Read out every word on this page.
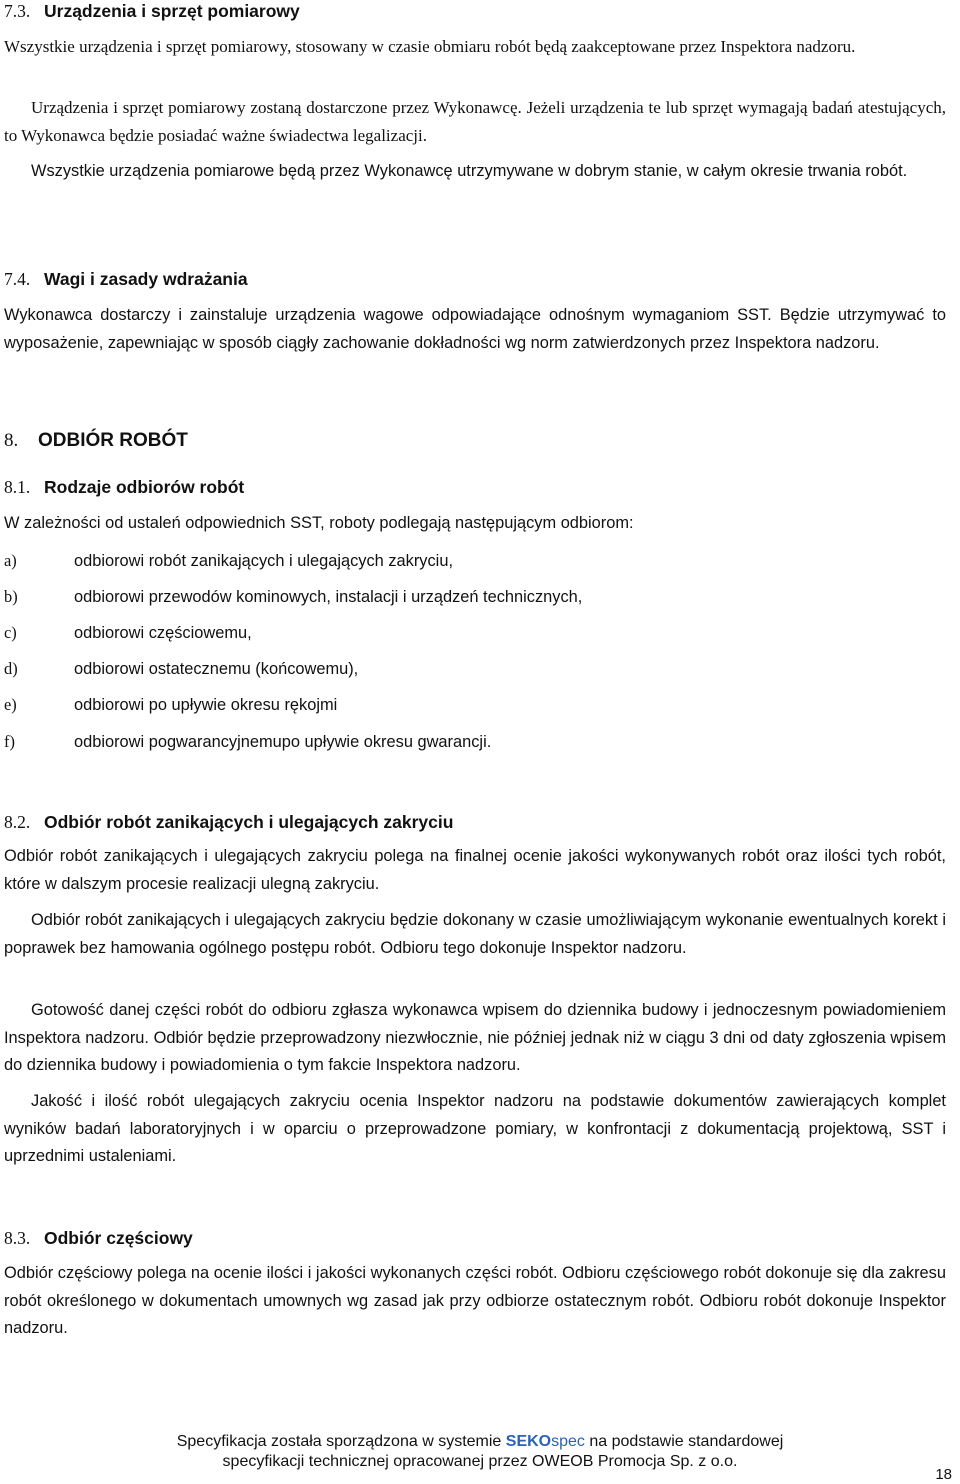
7.3. Urządzenia i sprzęt pomiarowy
Wszystkie urządzenia i sprzęt pomiarowy, stosowany w czasie obmiaru robót będą zaakceptowane przez Inspektora nadzoru.
Urządzenia i sprzęt pomiarowy zostaną dostarczone przez Wykonawcę. Jeżeli urządzenia te lub sprzęt wymagają badań atestujących, to Wykonawca będzie posiadać ważne świadectwa legalizacji.
Wszystkie urządzenia pomiarowe będą przez Wykonawcę utrzymywane w dobrym stanie, w całym okresie trwania robót.
7.4. Wagi i zasady wdrażania
Wykonawca dostarczy i zainstaluje urządzenia wagowe odpowiadające odnośnym wymaganiom SST. Będzie utrzymywać to wyposażenie, zapewniając w sposób ciągły zachowanie dokładności wg norm zatwierdzonych przez Inspektora nadzoru.
8. ODBIÓR ROBÓT
8.1. Rodzaje odbiorów robót
W zależności od ustaleń odpowiednich SST, roboty podlegają następującym odbiorom:
a)	odbiorowi robót zanikających i ulegających zakryciu,
b)	odbiorowi przewodów kominowych, instalacji i urządzeń technicznych,
c)	odbiorowi częściowemu,
d)	odbiorowi ostatecznemu (końcowemu),
e)	odbiorowi po upływie okresu rękojmi
f)	odbiorowi pogwarancyjnemupo upływie okresu gwarancji.
8.2. Odbiór robót zanikających i ulegających zakryciu
Odbiór robót zanikających i ulegających zakryciu polega na finalnej ocenie jakości wykonywanych robót oraz ilości tych robót, które w dalszym procesie realizacji ulegną zakryciu.
Odbiór robót zanikających i ulegających zakryciu będzie dokonany w czasie umożliwiającym wykonanie ewentualnych korekt i poprawek bez hamowania ogólnego postępu robót. Odbioru tego dokonuje Inspektor nadzoru.
Gotowość danej części robót do odbioru zgłasza wykonawca wpisem do dziennika budowy i jednoczesnym powiadomieniem Inspektora nadzoru. Odbiór będzie przeprowadzony niezwłocznie, nie później jednak niż w ciągu 3 dni od daty zgłoszenia wpisem do dziennika budowy i powiadomienia o tym fakcie Inspektora nadzoru.
Jakość i ilość robót ulegających zakryciu ocenia Inspektor nadzoru na podstawie dokumentów zawierających komplet wyników badań laboratoryjnych i w oparciu o przeprowadzone pomiary, w konfrontacji z dokumentacją projektową, SST i uprzednimi ustaleniami.
8.3. Odbiór częściowy
Odbiór częściowy polega na ocenie ilości i jakości wykonanych części robót. Odbioru częściowego robót dokonuje się dla zakresu robót określonego w dokumentach umownych wg zasad jak przy odbiorze ostatecznym robót. Odbioru robót dokonuje Inspektor nadzoru.
Specyfikacja została sporządzona w systemie SEKOspec na podstawie standardowej
specyfikacji technicznej opracowanej przez OWEOB Promocja Sp. z o.o.
18
